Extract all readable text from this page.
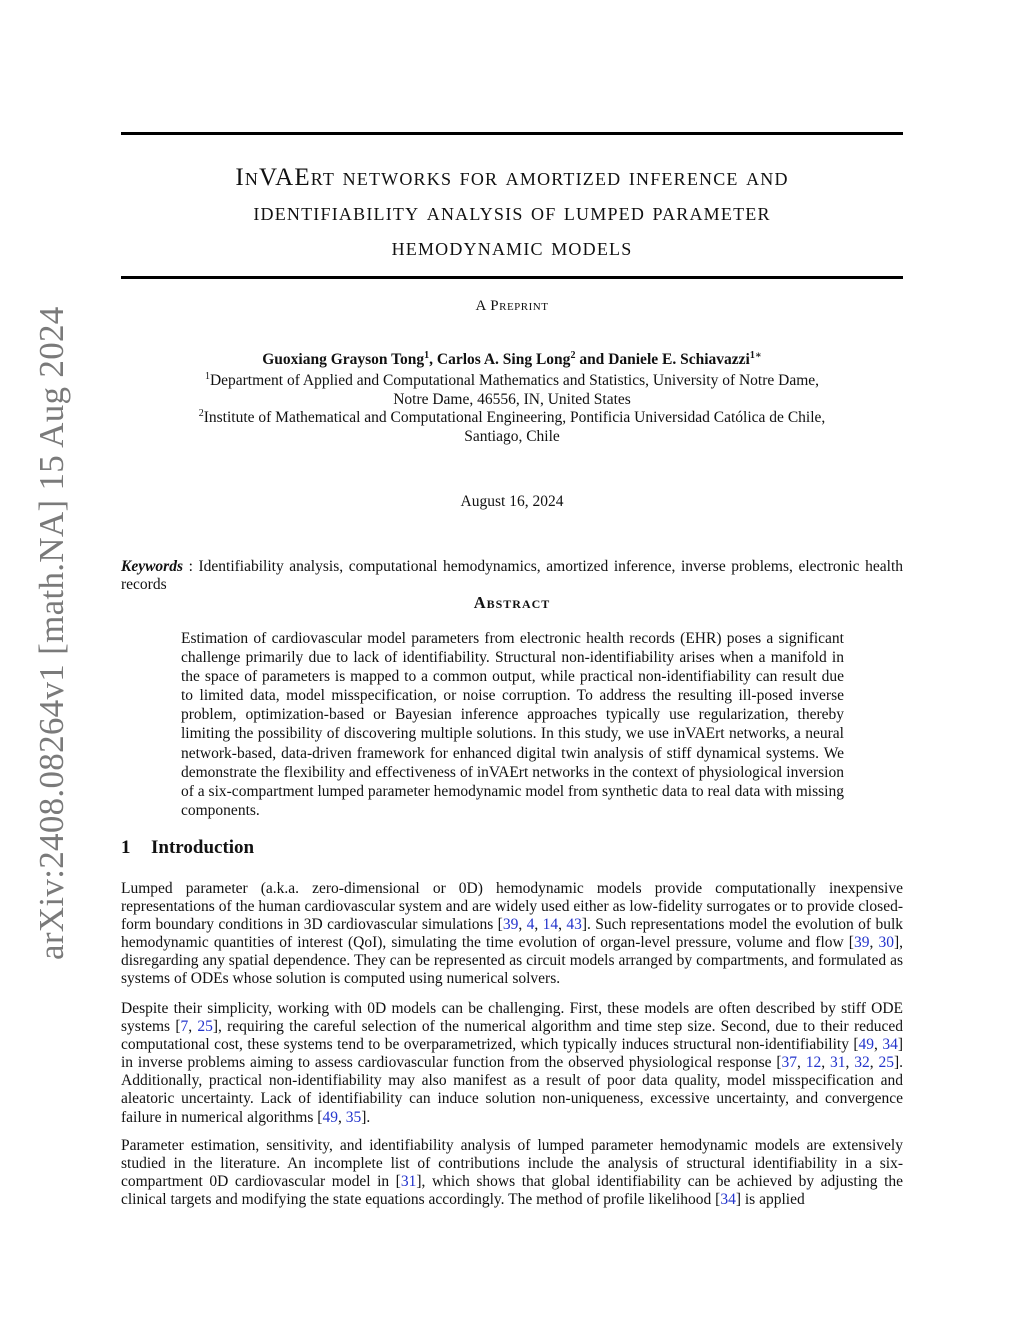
arXiv:2408.08264v1 [math.NA] 15 Aug 2024
InVAErt networks for amortized inference and
identifiability analysis of lumped parameter
hemodynamic models
A Preprint
Guoxiang Grayson Tong$^1$, Carlos A. Sing Long$^2$ and Daniele E. Schiavazzi$^{1∗}$
$^1$Department of Applied and Computational Mathematics and Statistics, University of Notre Dame,
Notre Dame, 46556, IN, United States
$^2$Institute of Mathematical and Computational Engineering, Pontificia Universidad Católica de Chile,
Santiago, Chile
August 16, 2024
Keywords : Identifiability analysis, computational hemodynamics, amortized inference, inverse problems, electronic health records
Abstract
Estimation of cardiovascular model parameters from electronic health records (EHR) poses a significant challenge primarily due to lack of identifiability. Structural non-identifiability arises when a manifold in the space of parameters is mapped to a common output, while practical non-identifiability can result due to limited data, model misspecification, or noise corruption. To address the resulting ill-posed inverse problem, optimization-based or Bayesian inference approaches typically use regularization, thereby limiting the possibility of discovering multiple solutions. In this study, we use inVAErt networks, a neural network-based, data-driven framework for enhanced digital twin analysis of stiff dynamical systems. We demonstrate the flexibility and effectiveness of inVAErt networks in the context of physiological inversion of a six-compartment lumped parameter hemodynamic model from synthetic data to real data with missing components.
1 Introduction

Lumped parameter (a.k.a. zero-dimensional or 0D) hemodynamic models provide computationally inexpensive representations of the human cardiovascular system and are widely used either as low-fidelity surrogates or to provide closed-form boundary conditions in 3D cardiovascular simulations [39, 4, 14, 43]. Such representations model the evolution of bulk hemodynamic quantities of interest (QoI), simulating the time evolution of organ-level pressure, volume and flow [39, 30], disregarding any spatial dependence. They can be represented as circuit models arranged by compartments, and formulated as systems of ODEs whose solution is computed using numerical solvers.

Despite their simplicity, working with 0D models can be challenging. First, these models are often described by stiff ODE systems [7, 25], requiring the careful selection of the numerical algorithm and time step size. Second, due to their reduced computational cost, these systems tend to be overparametrized, which typically induces structural non-identifiability [49, 34] in inverse problems aiming to assess cardiovascular function from the observed physiological response [37, 12, 31, 32, 25]. Additionally, practical non-identifiability may also manifest as a result of poor data quality, model misspecification and aleatoric uncertainty. Lack of identifiability can induce solution non-uniqueness, excessive uncertainty, and convergence failure in numerical algorithms [49, 35].

Parameter estimation, sensitivity, and identifiability analysis of lumped parameter hemodynamic models are extensively studied in the literature. An incomplete list of contributions include the analysis of structural identifiability in a six-compartment 0D cardiovascular model in [31], which shows that global identifiability can be achieved by adjusting the clinical targets and modifying the state equations accordingly. The method of profile likelihood [34] is applied
